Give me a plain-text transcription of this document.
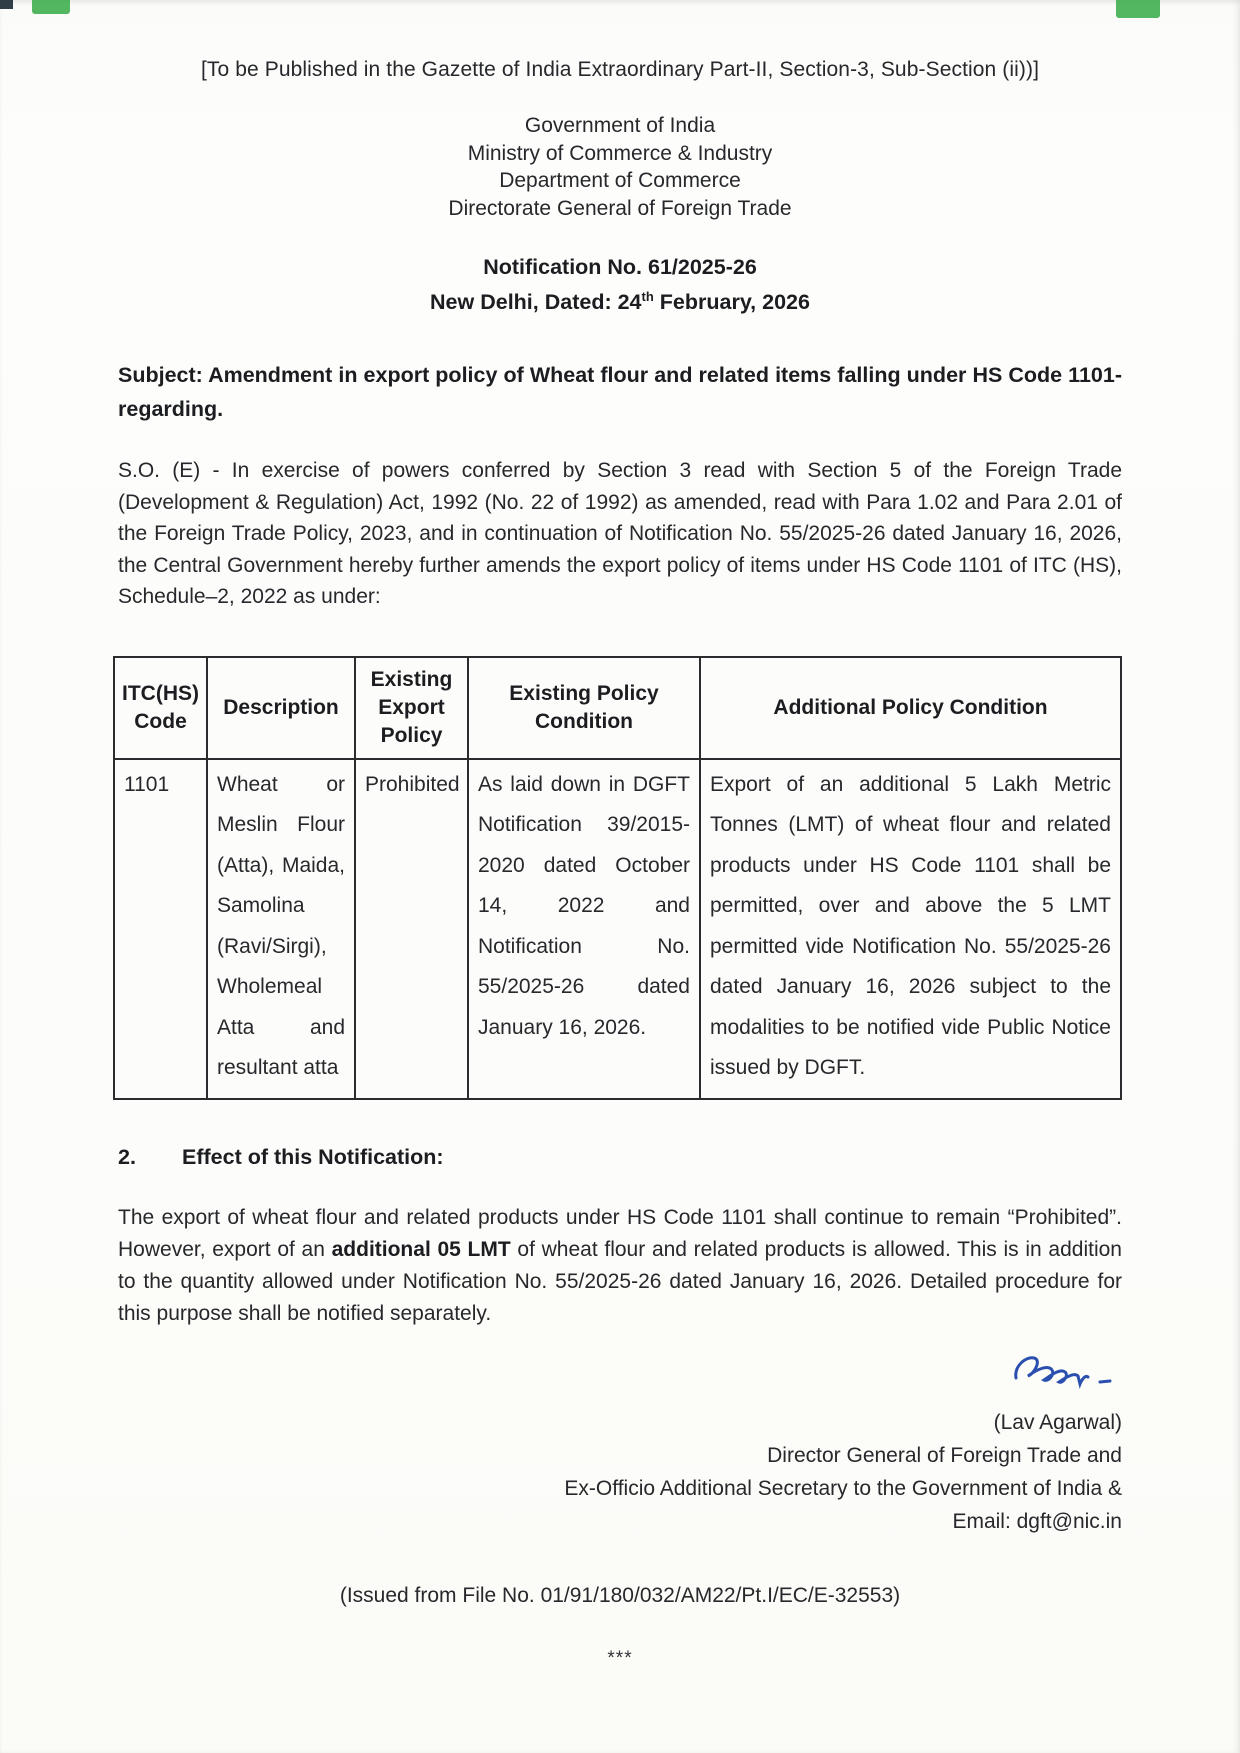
[To be Published in the Gazette of India Extraordinary Part-II, Section-3, Sub-Section (ii))]
Government of India
Ministry of Commerce & Industry
Department of Commerce
Directorate General of Foreign Trade
Notification No. 61/2025-26
New Delhi, Dated: 24th February, 2026
Subject: Amendment in export policy of Wheat flour and related items falling under HS Code 1101- regarding.
S.O. (E) - In exercise of powers conferred by Section 3 read with Section 5 of the Foreign Trade (Development & Regulation) Act, 1992 (No. 22 of 1992) as amended, read with Para 1.02 and Para 2.01 of the Foreign Trade Policy, 2023, and in continuation of Notification No. 55/2025-26 dated January 16, 2026, the Central Government hereby further amends the export policy of items under HS Code 1101 of ITC (HS), Schedule–2, 2022 as under:
ITC(HS) Code	Description	Existing Export Policy	Existing Policy Condition	Additional Policy Condition
1101	Wheat or Meslin Flour (Atta), Maida, Samolina (Ravi/Sirgi), Wholemeal Atta and resultant atta	Prohibited	As laid down in DGFT Notification 39/2015-2020 dated October 14, 2022 and Notification No. 55/2025-26 dated January 16, 2026.	Export of an additional 5 Lakh Metric Tonnes (LMT) of wheat flour and related products under HS Code 1101 shall be permitted, over and above the 5 LMT permitted vide Notification No. 55/2025-26 dated January 16, 2026 subject to the modalities to be notified vide Public Notice issued by DGFT.
2.	Effect of this Notification:
The export of wheat flour and related products under HS Code 1101 shall continue to remain “Prohibited”. However, export of an additional 05 LMT of wheat flour and related products is allowed. This is in addition to the quantity allowed under Notification No. 55/2025-26 dated January 16, 2026. Detailed procedure for this purpose shall be notified separately.
(Lav Agarwal)
Director General of Foreign Trade and
Ex-Officio Additional Secretary to the Government of India &
Email: dgft@nic.in
(Issued from File No. 01/91/180/032/AM22/Pt.I/EC/E-32553)
***
